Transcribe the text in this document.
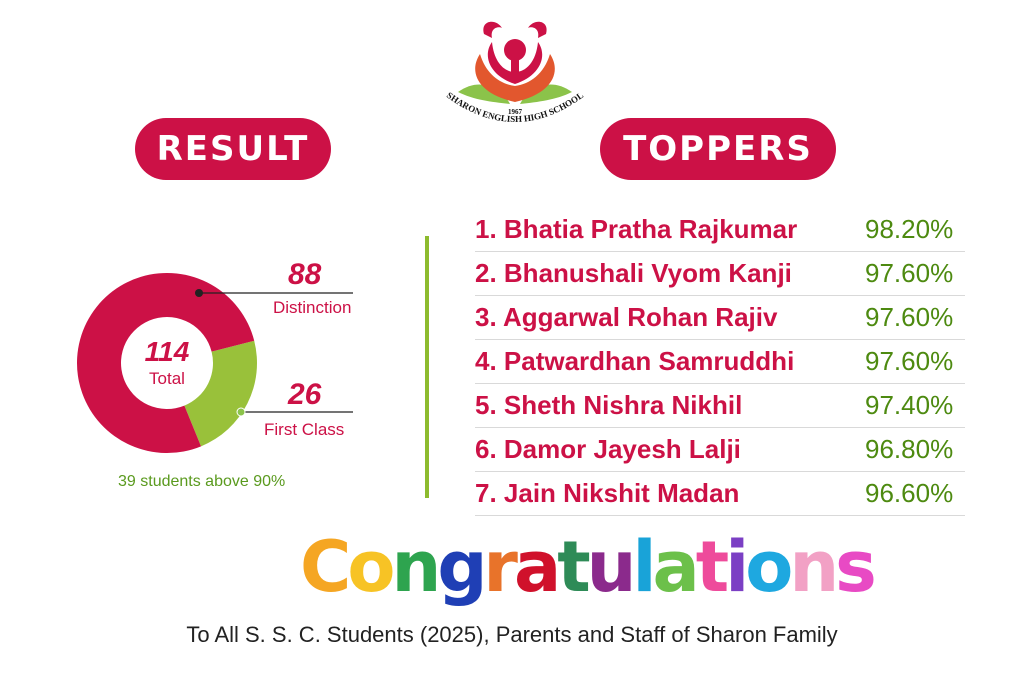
1967
SHARON ENGLISH HIGH SCHOOL
RESULT	TOPPERS
114
Total
88
Distinction
26
First Class
39 students above 90%
1. Bhatia Pratha Rajkumar	98.20%
2. Bhanushali Vyom Kanji	97.60%
3. Aggarwal Rohan Rajiv	97.60%
4. Patwardhan Samruddhi	97.60%
5. Sheth Nishra Nikhil	97.40%
6. Damor Jayesh Lalji	96.80%
7. Jain Nikshit Madan	96.60%
Congratulations
To All S. S. C. Students (2025), Parents and Staff of Sharon Family
